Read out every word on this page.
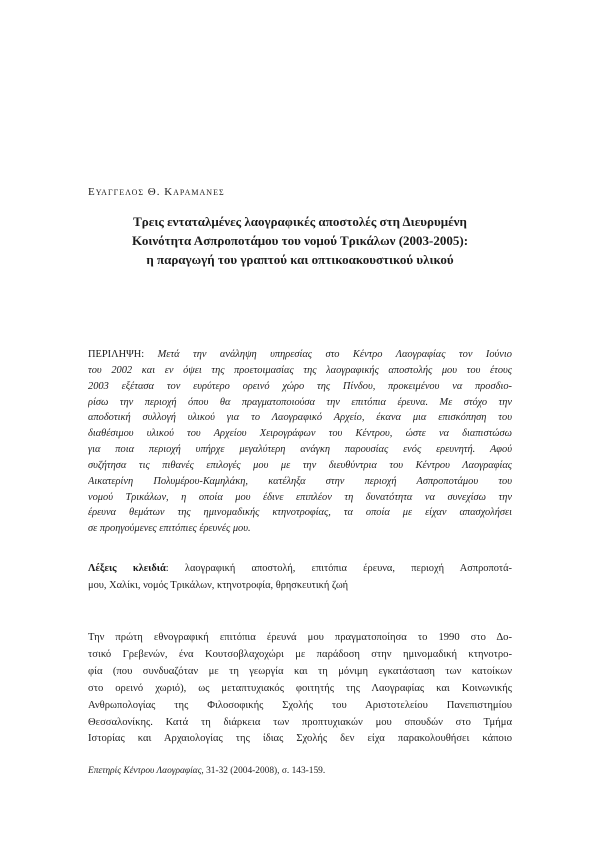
Ευαγγελος Θ. Καραμανες
Τρεις ενταταλμένες λαογραφικές αποστολές στη Διευρυμένη
Κοινότητα Ασπροποτάμου του νομού Τρικάλων (2003-2005):
η παραγωγή του γραπτού και οπτικοακουστικού υλικού
ΠΕΡΙΛΗΨΗ: Μετά την ανάληψη υπηρεσίας στο Κέντρο Λαογραφίας τον Ιούνιο
του 2002 και εν όψει της προετοιμασίας της λαογραφικής αποστολής μου του έτους
2003 εξέτασα τον ευρύτερο ορεινό χώρο της Πίνδου, προκειμένου να προσδιο-
ρίσω την περιοχή όπου θα πραγματοποιούσα την επιτόπια έρευνα. Με στόχο την
αποδοτική συλλογή υλικού για το Λαογραφικό Αρχείο, έκανα μια επισκόπηση του
διαθέσιμου υλικού του Αρχείου Χειρογράφων του Κέντρου, ώστε να διαπιστώσω
για ποια περιοχή υπήρχε μεγαλύτερη ανάγκη παρουσίας ενός ερευνητή. Αφού
συζήτησα τις πιθανές επιλογές μου με την διευθύντρια του Κέντρου Λαογραφίας
Αικατερίνη Πολυμέρου-Καμηλάκη, κατέληξα στην περιοχή Ασπροποτάμου του
νομού Τρικάλων, η οποία μου έδινε επιπλέον τη δυνατότητα να συνεχίσω την
έρευνα θεμάτων της ημινομαδικής κτηνοτροφίας, τα οποία με είχαν απασχολήσει
σε προηγούμενες επιτόπιες έρευνές μου.
Λέξεις κλειδιά: λαογραφική αποστολή, επιτόπια έρευνα, περιοχή Ασπροποτά-
μου, Χαλίκι, νομός Τρικάλων, κτηνοτροφία, θρησκευτική ζωή
Την πρώτη εθνογραφική επιτόπια έρευνά μου πραγματοποίησα το 1990 στο Δο-
τσικό Γρεβενών, ένα Κουτσοβλαχοχώρι με παράδοση στην ημινομαδική κτηνοτρο-
φία (που συνδυαζόταν με τη γεωργία και τη μόνιμη εγκατάσταση των κατοίκων
στο ορεινό χωριό), ως μεταπτυχιακός φοιτητής της Λαογραφίας και Κοινωνικής
Ανθρωπολογίας της Φιλοσοφικής Σχολής του Αριστοτελείου Πανεπιστημίου
Θεσσαλονίκης. Κατά τη διάρκεια των προπτυχιακών μου σπουδών στο Τμήμα
Ιστορίας και Αρχαιολογίας της ίδιας Σχολής δεν είχα παρακολουθήσει κάποιο
Επετηρίς Κέντρου Λαογραφίας, 31-32 (2004-2008), σ. 143-159.
